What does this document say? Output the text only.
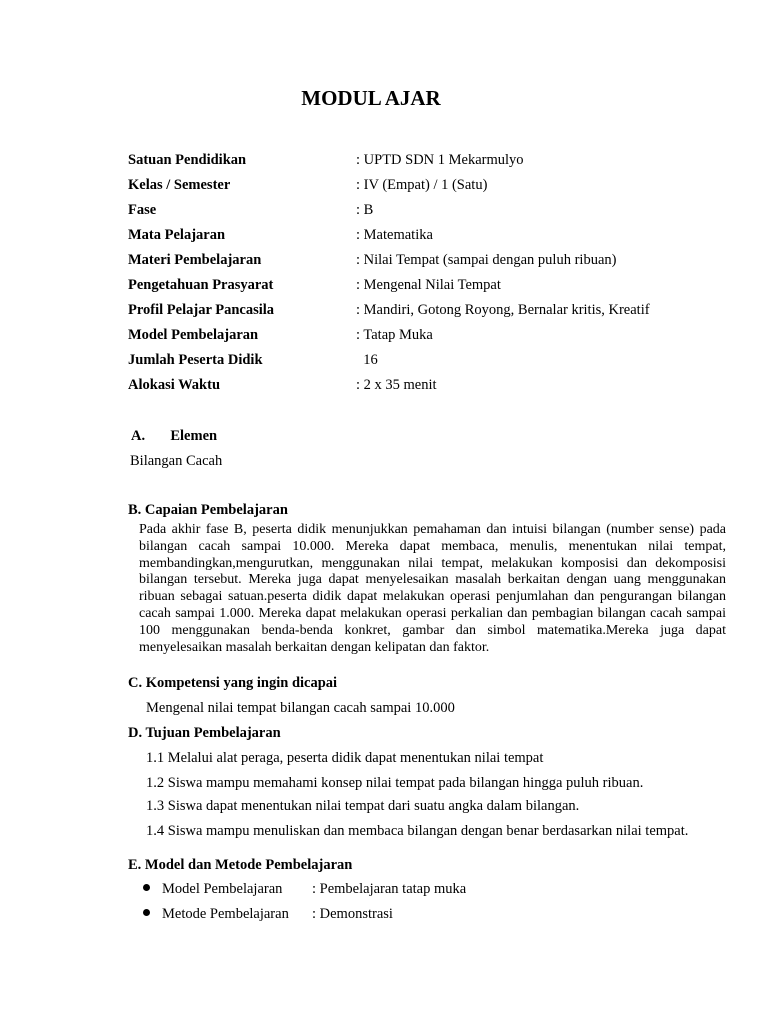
MODUL AJAR
Satuan Pendidikan	: UPTD SDN 1 Mekarmulyo
Kelas / Semester	: IV (Empat) / 1 (Satu)
Fase	: B
Mata Pelajaran	: Matematika
Materi Pembelajaran	: Nilai Tempat (sampai dengan puluh ribuan)
Pengetahuan Prasyarat	: Mengenal Nilai Tempat
Profil Pelajar Pancasila	: Mandiri, Gotong Royong, Bernalar kritis, Kreatif
Model Pembelajaran	: Tatap Muka
Jumlah Peserta Didik	16
Alokasi Waktu	: 2 x 35 menit
A. Elemen
Bilangan Cacah
B. Capaian Pembelajaran
Pada akhir fase B, peserta didik menunjukkan pemahaman dan intuisi bilangan (number sense) pada bilangan cacah sampai 10.000. Mereka dapat membaca, menulis, menentukan nilai tempat, membandingkan,mengurutkan, menggunakan nilai tempat, melakukan komposisi dan dekomposisi bilangan tersebut. Mereka juga dapat menyelesaikan masalah berkaitan dengan uang menggunakan ribuan sebagai satuan.peserta didik dapat melakukan operasi penjumlahan dan pengurangan bilangan cacah sampai 1.000. Mereka dapat melakukan operasi perkalian dan pembagian bilangan cacah sampai 100 menggunakan benda-benda konkret, gambar dan simbol matematika.Mereka juga dapat menyelesaikan masalah berkaitan dengan kelipatan dan faktor.
C. Kompetensi yang ingin dicapai
Mengenal nilai tempat bilangan cacah sampai 10.000
D. Tujuan Pembelajaran
1.1 Melalui alat peraga, peserta didik dapat menentukan nilai tempat
1.2 Siswa mampu memahami konsep nilai tempat pada bilangan hingga puluh ribuan.
1.3 Siswa dapat menentukan nilai tempat dari suatu angka dalam bilangan.
1.4 Siswa mampu menuliskan dan membaca bilangan dengan benar berdasarkan nilai tempat.
E. Model dan Metode Pembelajaran
Model Pembelajaran : Pembelajaran tatap muka
Metode Pembelajaran : Demonstrasi
